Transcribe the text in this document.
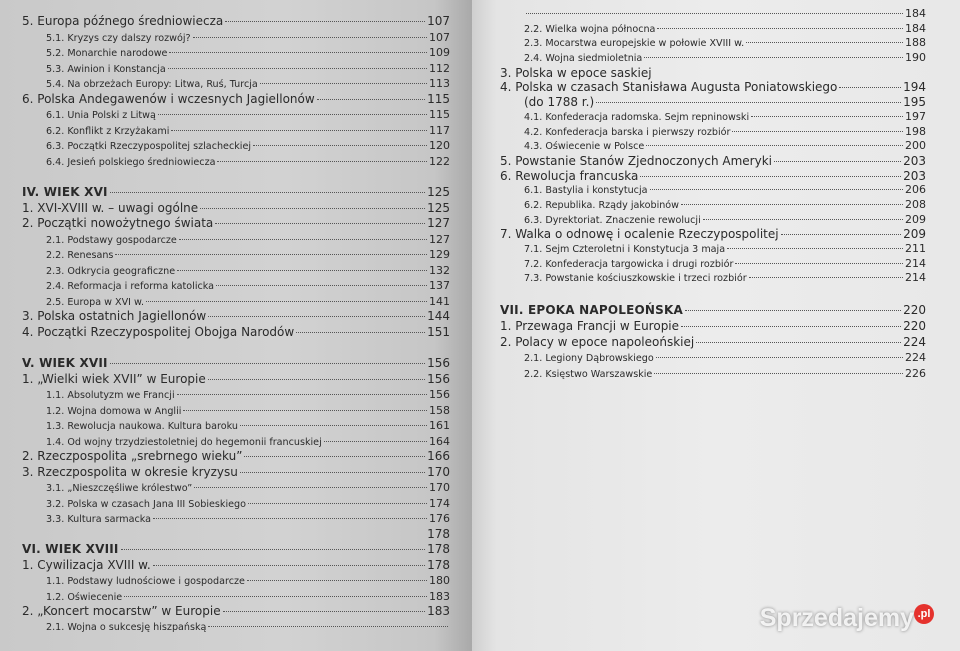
5. Europa późnego średniowiecza	107
5.1. Kryzys czy dalszy rozwój?	107
5.2. Monarchie narodowe	109
5.3. Awinion i Konstancja	112
5.4. Na obrzeżach Europy: Litwa, Ruś, Turcja	113
6. Polska Andegawenów i wczesnych Jagiellonów	115
6.1. Unia Polski z Litwą	115
6.2. Konflikt z Krzyżakami	117
6.3. Początki Rzeczypospolitej szlacheckiej	120
6.4. Jesień polskiego średniowiecza	122
IV. WIEK XVI	125
1. XVI-XVIII w. – uwagi ogólne	125
2. Początki nowożytnego świata	127
2.1. Podstawy gospodarcze	127
2.2. Renesans	129
2.3. Odkrycia geograficzne	132
2.4. Reformacja i reforma katolicka	137
2.5. Europa w XVI w.	141
3. Polska ostatnich Jagiellonów	144
4. Początki Rzeczypospolitej Obojga Narodów	151
V. WIEK XVII	156
1. „Wielki wiek XVII” w Europie	156
1.1. Absolutyzm we Francji	156
1.2. Wojna domowa w Anglii	158
1.3. Rewolucja naukowa. Kultura baroku	161
1.4. Od wojny trzydziestoletniej do hegemonii francuskiej	164
2. Rzeczpospolita „srebrnego wieku”	166
3. Rzeczpospolita w okresie kryzysu	170
3.1. „Nieszczęśliwe królestwo”	170
3.2. Polska w czasach Jana III Sobieskiego	174
3.3. Kultura sarmacka	176
178
VI. WIEK XVIII	178
1. Cywilizacja XVIII w.	178
1.1. Podstawy ludnościowe i gospodarcze	180
1.2. Oświecenie	183
2. „Koncert mocarstw” w Europie	183
2.1. Wojna o sukcesję hiszpańską
184
2.2. Wielka wojna północna	184
2.3. Mocarstwa europejskie w połowie XVIII w.	188
2.4. Wojna siedmioletnia	190
3. Polska w epoce saskiej
4. Polska w czasach Stanisława Augusta Poniatowskiego	194
(do 1788 r.)	195
4.1. Konfederacja radomska. Sejm repninowski	197
4.2. Konfederacja barska i pierwszy rozbiór	198
4.3. Oświecenie w Polsce	200
5. Powstanie Stanów Zjednoczonych Ameryki	203
6. Rewolucja francuska	203
6.1. Bastylia i konstytucja	206
6.2. Republika. Rządy jakobinów	208
6.3. Dyrektoriat. Znaczenie rewolucji	209
7. Walka o odnowę i ocalenie Rzeczypospolitej	209
7.1. Sejm Czteroletni i Konstytucja 3 maja	211
7.2. Konfederacja targowicka i drugi rozbiór	214
7.3. Powstanie kościuszkowskie i trzeci rozbiór	214
VII. EPOKA NAPOLEOŃSKA	220
1. Przewaga Francji w Europie	220
2. Polacy w epoce napoleońskiej	224
2.1. Legiony Dąbrowskiego	224
2.2. Księstwo Warszawskie	226
Sprzedajemy .pl
